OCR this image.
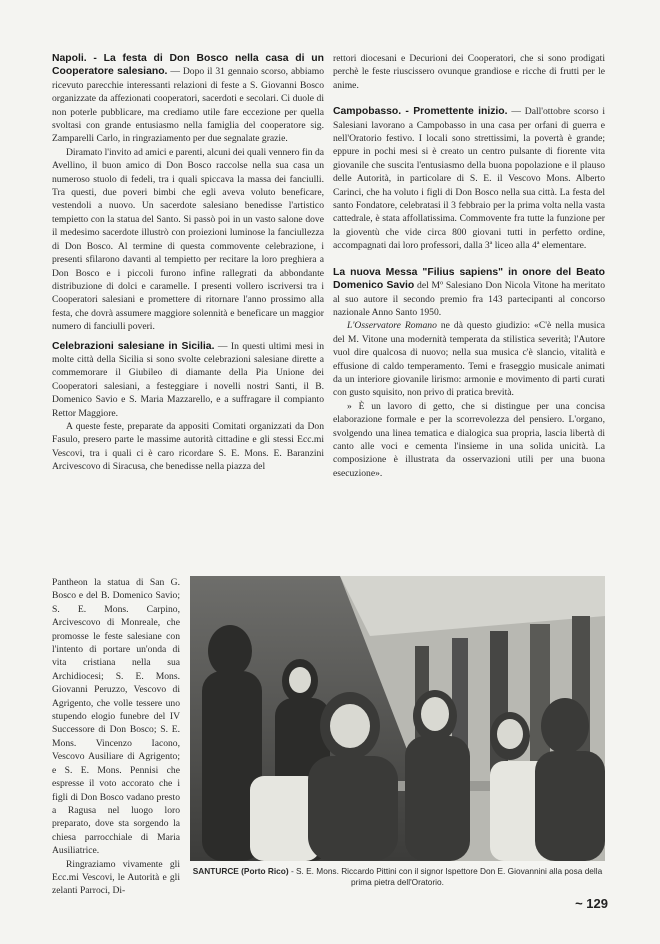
Napoli. - La festa di Don Bosco nella casa di un Cooperatore salesiano. — Dopo il 31 gennaio scorso, abbiamo ricevuto parecchie interessanti relazioni di feste a S. Giovanni Bosco organizzate da affezionati cooperatori, sacerdoti e secolari. Ci duole di non poterle pubblicare, ma crediamo utile fare eccezione per quella svoltasi con grande entusiasmo nella famiglia del cooperatore sig. Zamparelli Carlo, in ringraziamento per due segnalate grazie.

Diramato l'invito ad amici e parenti, alcuni dei quali vennero fin da Avellino, il buon amico di Don Bosco raccolse nella sua casa un numeroso stuolo di fedeli, tra i quali spiccava la massa dei fanciulli. Tra questi, due poveri bimbi che egli aveva voluto beneficare, vestendoli a nuovo. Un sacerdote salesiano benedisse l'artistico tempietto con la statua del Santo. Si passò poi in un vasto salone dove il medesimo sacerdote illustrò con proiezioni luminose la fanciullezza di Don Bosco. Al termine di questa commovente celebrazione, i presenti sfilarono davanti al tempietto per recitare la loro preghiera a Don Bosco e i piccoli furono infine rallegrati da abbondante distribuzione di dolci e caramelle. I presenti vollero iscriversi tra i Cooperatori salesiani e promettere di ritornare l'anno prossimo alla festa, che dovrà assumere maggiore solennità e beneficare un maggior numero di fanciulli poveri.

Celebrazioni salesiane in Sicilia. — In questi ultimi mesi in molte città della Sicilia si sono svolte celebrazioni salesiane dirette a commemorare il Giubileo di diamante della Pia Unione dei Cooperatori salesiani, a festeggiare i novelli nostri Santi, il B. Domenico Savio e S. Maria Mazzarello, e a suffragare il compianto Rettor Maggiore.

A queste feste, preparate da appositi Comitati organizzati da Don Fasulo, presero parte le massime autorità cittadine e gli stessi Ecc.mi Vescovi, tra i quali ci è caro ricordare S. E. Mons. E. Baranzini Arcivescovo di Siracusa, che benedisse nella piazza del

Pantheon la statua di San G. Bosco e del B. Domenico Savio; S. E. Mons. Carpino, Arcivescovo di Monreale, che promosse le feste salesiane con l'intento di portare un'onda di vita cristiana nella sua Archidiocesi; S. E. Mons. Giovanni Peruzzo, Vescovo di Agrigento, che volle tessere uno stupendo elogio funebre del IV Successore di Don Bosco; S. E. Mons. Vincenzo Iacono, Vescovo Ausiliare di Agrigento; e S. E. Mons. Pennisi che espresse il voto accorato che i figli di Don Bosco vadano presto a Ragusa nel luogo loro preparato, dove sta sorgendo la chiesa parrocchiale di Maria Ausiliatrice.

Ringraziamo vivamente gli Ecc.mi Vescovi, le Autorità e gli zelanti Parroci, Di-

rettori diocesani e Decurioni dei Cooperatori, che si sono prodigati perchè le feste riuscissero ovunque grandiose e ricche di frutti per le anime.

Campobasso. - Promettente inizio. — Dall'ottobre scorso i Salesiani lavorano a Campobasso in una casa per orfani di guerra e nell'Oratorio festivo. I locali sono strettissimi, la povertà è grande; eppure in pochi mesi si è creato un centro pulsante di fiorente vita giovanile che suscita l'entusiasmo della buona popolazione e il plauso delle Autorità, in particolare di S. E. il Vescovo Mons. Alberto Carinci, che ha voluto i figli di Don Bosco nella sua città. La festa del santo Fondatore, celebratasi il 3 febbraio per la prima volta nella vasta cattedrale, è stata affollatissima. Commovente fra tutte la funzione per la gioventù che vide circa 800 giovani tutti in perfetto ordine, accompagnati dai loro professori, dalla 3ª liceo alla 4ª elementare.

La nuova Messa "Filius sapiens" in onore del Beato Domenico Savio del Mº Salesiano Don Nicola Vitone ha meritato al suo autore il secondo premio fra 143 partecipanti al concorso nazionale Anno Santo 1950.

L'Osservatore Romano ne dà questo giudizio: «C'è nella musica del M. Vitone una modernità temperata da stilistica severità; l'Autore vuol dire qualcosa di nuovo; nella sua musica c'è slancio, vitalità e effusione di caldo temperamento. Temi e fraseggio musicale animati da un interiore giovanile lirismo: armonie e movimento di parti curati con gusto squisito, non privo di pratica brevità.

» È un lavoro di getto, che si distingue per una concisa elaborazione formale e per la scorrevolezza del pensiero. L'organo, svolgendo una linea tematica e dialogica sua propria, lascia libertà di canto alle voci e cementa l'insieme in una solida unicità. La composizione è illustrata da osservazioni utili per una buona esecuzione».

SANTURCE (Porto Rico) - S. E. Mons. Riccardo Pittini con il signor Ispettore Don E. Giovannini alla posa della prima pietra dell'Oratorio.
~ 129
